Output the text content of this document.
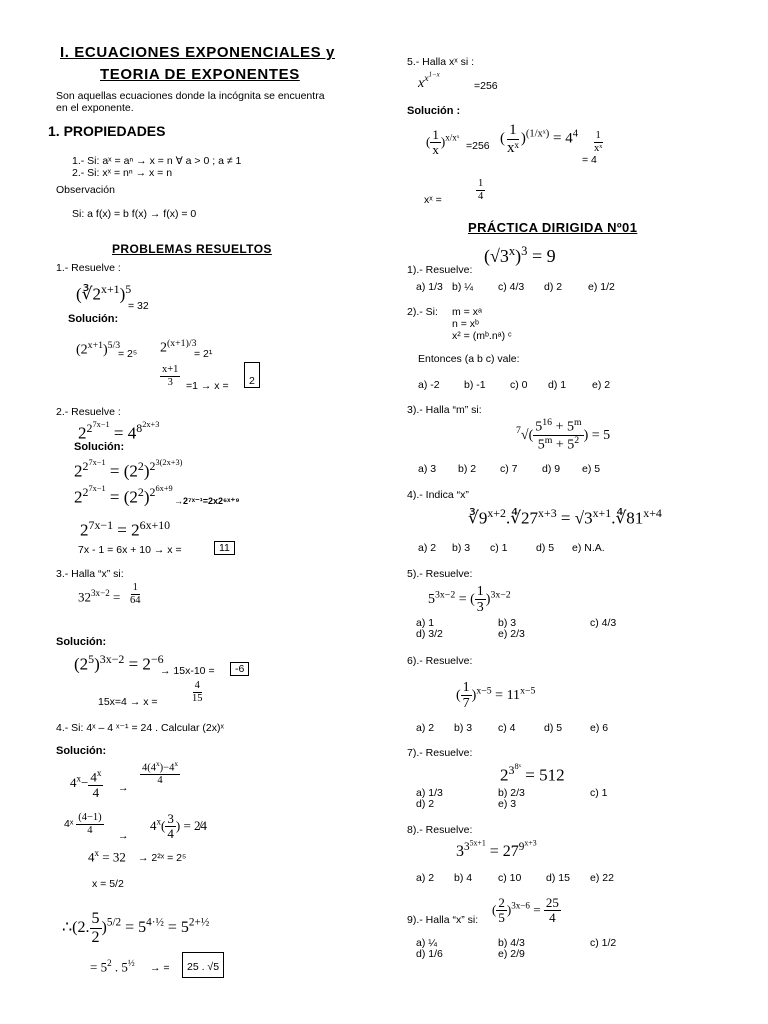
I. ECUACIONES EXPONENCIALES y
TEORIA DE EXPONENTES
Son aquellas ecuaciones donde la incógnita se encuentra
en el exponente.
1. PROPIEDADES
1.- Si: aˣ = aⁿ → x = n ∀ a > 0 ; a ≠ 1
2.- Si: xˣ = nⁿ → x = n
Observación
Si: a f(x) = b f(x) → f(x) = 0
PROBLEMAS RESUELTOS
1.- Resuelve :
$(∛2^{x+1})^5$
= 32
Solución:
$(2^{x+1})^{5/3}$
= 2⁵ $2^{(x+1)/3}$
= 2¹
$\frac{x+1}{3} =1 \to x$ =	2
2.- Resuelve :
$2^{2^{7x-1}} = 4^{8^{2x+3}}$
Solución:
$2^{2^{7x-1}} = (2^2)^{2^{3(2x+3)}}$
$2^{2^{7x-1}} = (2^2)^{2^{6x+9}}$
→2⁷ˣ⁻¹=2x2⁶ˣ⁺⁹
$2^{7x-1} = 2^{6x+10}$
7x - 1 = 6x + 10 → x =	11
3.- Halla “x” si:
$32^{3x-2} = \frac{1}{64}$
Solución:
$(2^5)^{3x-2} = 2^{-6}$
→ 15x-10 =	-6
15x=4 → x =	$\frac{4}{15}$
4.- Si: 4ˣ – 4 ˣ⁻¹ = 24 . Calcular (2x)ˣ
Solución:
$4^x- \frac{4^x}{4}$ →
$\frac{4(4^x)-4^x}{4}$
4ˣ $\frac{(4-1)}{4}$ →
$4^x( \frac{3}{4}$ ) = 2̸4
$4^x = 32$ → 2²ˣ = 2⁵
x = 5/2
∴(2. $\frac{5}{2} )^{5/2} = 5^{4\cdot\frac{1}{2}} = 5^{2+\frac{1}{2}}$
= $5^2$ . $5^{\frac{1}{2}}$ → =	25 . √5
5.- Halla xˣ si :
$x^{x^{1-x}}$
=256
Solución :
( $\frac{1}{x} )^{x/xˣ}$
=256 ( $\frac{1}{\text{xˣ}} )^{(1/xˣ)} = 4^4 \frac{1}{\text{xˣ}}$
= 4
xˣ =	$\frac{1}{4}$
PRÁCTICA DIRIGIDA Nº01
$(√3^x)^3 = 9$
1).- Resuelve:
a) 1/3 b) ¼ c) 4/3 d) 2 e) 1/2
2).- Si: m = xᵃ
n = xᵇ
x² = (mᵇ.nᵃ) ᶜ
Entonces (a b c) vale:
a) -2 b) -1 c) 0 d) 1 e) 2
3).- Halla “m” si:
$^7√( \frac{5^{16} + 5^m}{5^m + 5^2}$ ) = 5
a) 3 b) 2 c) 7 d) 9 e) 5
4).- Indica “x”
$∛9^{x+2}.∜27^{x+3}$ = $√3^{x+1}.∜81^{x+4}$
a) 2 b) 3 c) 1	d) 5 e) N.A.
5).- Resuelve:
$5^{3x-2}$ = ( $\frac{1}{3} )^{3x-2}$
a) 1	b) 3	c) 4/3
d) 3/2	e) 2/3
6).- Resuelve:
( $\frac{1}{7} )^{x-5} = 11^{x-5}$
a) 2 b) 3 c) 4	d) 5	e) 6
7).- Resuelve:
$2^{3^{8ˣ}} = 512$
a) 1/3	b) 2/3	c) 1
d) 2	e) 3
8).- Resuelve:
$3^{3^{5x+1}} = 27^{9^{x+3}}$
a) 2 b) 4 c) 10 d) 15 e) 22
9).- Halla “x” si:
( $\frac{2}{5} )^{3x-6} = \frac{25}{4}$
a) ¼	b) 4/3	c) 1/2
d) 1/6	e) 2/9
